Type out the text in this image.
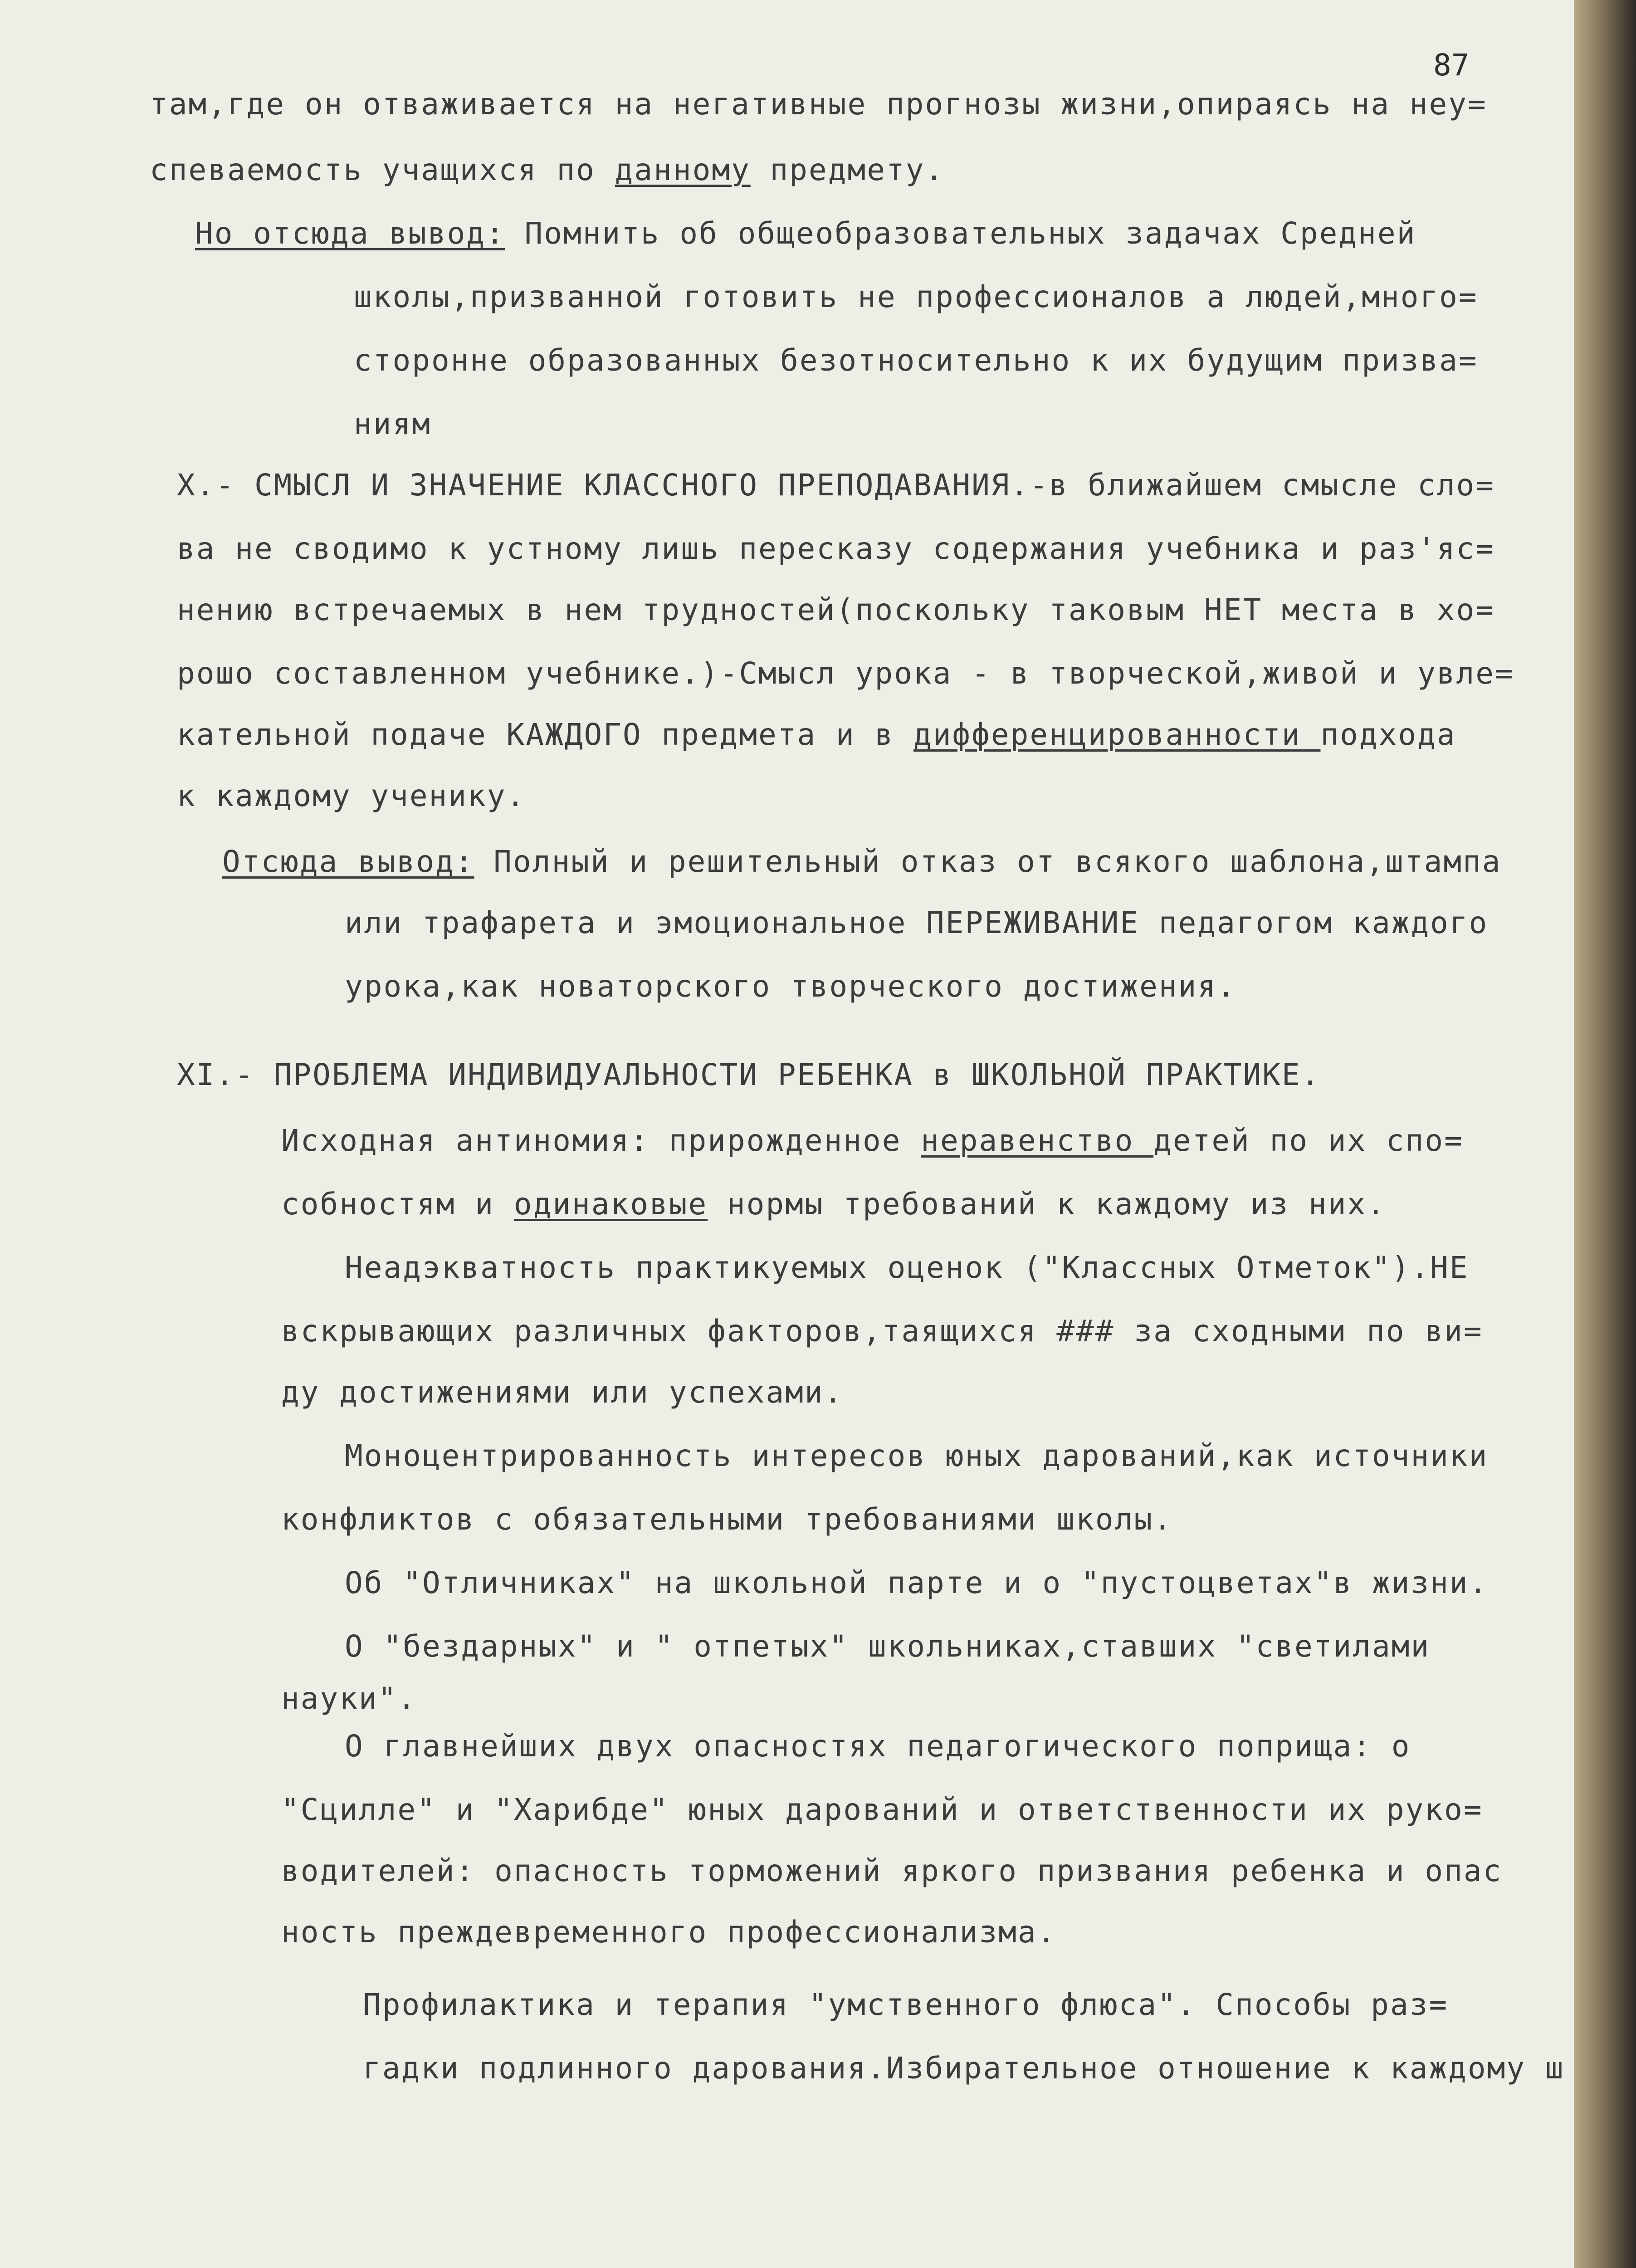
87
там,где он отваживается на негативные прогнозы жизни,опираясь на неу=
спеваемость учащихся по данному предмету.
Но отсюда вывод: Помнить об общеобразовательных задачах Средней
школы,призванной готовить не профессионалов а людей,много=
сторонне образованных безотносительно к их будущим призва=
ниям
X.- СМЫСЛ И ЗНАЧЕНИЕ КЛАССНОГО ПРЕПОДАВАНИЯ.-в ближайшем смысле сло=
ва не сводимо к устному лишь пересказу содержания учебника и раз'яс=
нению встречаемых в нем трудностей(поскольку таковым НЕТ места в хо=
рошо составленном учебнике.)-Смысл урока - в творческой,живой и увле=
кательной подаче КАЖДОГО предмета и в дифференцированности подхода
к каждому ученику.
Отсюда вывод: Полный и решительный отказ от всякого шаблона,штампа
или трафарета и эмоциональное ПЕРЕЖИВАНИЕ педагогом каждого
урока,как новаторского творческого достижения.
XI.- ПРОБЛЕМА ИНДИВИДУАЛЬНОСТИ РЕБЕНКА в ШКОЛЬНОЙ ПРАКТИКЕ.
Исходная антиномия: прирожденное неравенство детей по их спо=
собностям и одинаковые нормы требований к каждому из них.
Неадэкватность практикуемых оценок ("Классных Отметок").НЕ
вскрывающих различных факторов,таящихся ### за сходными по ви=
ду достижениями или успехами.
Моноцентрированность интересов юных дарований,как источники
конфликтов с обязательными требованиями школы.
Об "Отличниках" на школьной парте и о "пустоцветах"в жизни.
О "бездарных" и " отпетых" школьниках,ставших "светилами
науки".
О главнейших двух опасностях педагогического поприща: о
"Сцилле" и "Харибде" юных дарований и ответственности их руко=
водителей: опасность торможений яркого призвания ребенка и опас
ность преждевременного профессионализма.
Профилактика и терапия "умственного флюса". Способы раз=
гадки подлинного дарования.Избирательное отношение к каждому ш
